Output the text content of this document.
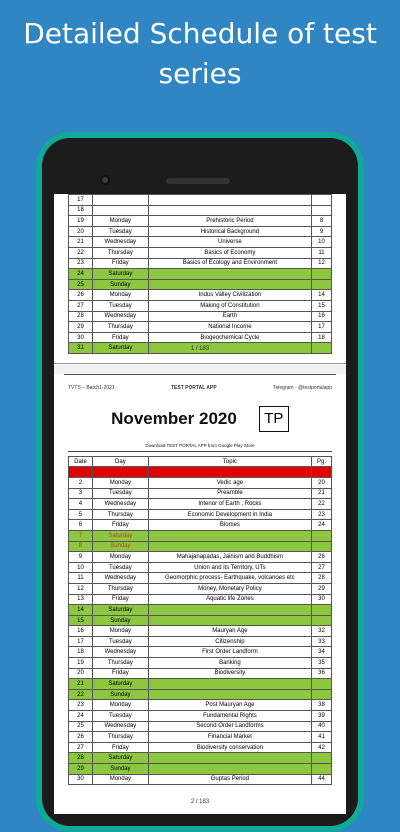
Detailed Schedule of test series
17			
18			
19	Monday	Prehistoric Period	8
20	Tuesday	Historical Background	9
21	Wednesday	Universe	10
22	Thursday	Basics of Economy	11
23	Friday	Basics of Ecology and Environment	12
24	Saturday		
25	Sunday		
26	Monday	Indus Valley Civilization	14
27	Tuesday	Making of Constitution	15
28	Wednesday	Earth	16
29	Thursday	National Income	17
30	Friday	Biogeochemical Cycle	18
31	Saturday			1 / 183
TVTS – Batch1-2021	TEST PORTAL APP	Telegram - @testportalapp
November 2020	TP
Download TEST PORTAL APP from Google Play Store
Date	Day	Topic	Pg.
1	Sunday		
2	Monday	Vedic age	20
3	Tuesday	Preamble	21
4	Wednesday	Interior of Earth , Rocks	22
5	Thursday	Economic Development in India	23
6	Friday	Biomes	24
7	Saturday		
8	Sunday		
9	Monday	Mahajanapadas, Jainism and Buddhism	26
10	Tuesday	Union and its Territory, UTs	27
11	Wednesday	Geomorphic process- Earthquake, volcanoes etc	28
12	Thursday	Money, Monetary Policy	29
13	Friday	Aquatic life Zones	30
14	Saturday		
15	Sunday		
16	Monday	Mauryan Age	32
17	Tuesday	Citizenship	33
18	Wednesday	First Order Landform	34
19	Thursday	Banking	35
20	Friday	Biodiversity	36
21	Saturday		
22	Sunday		
23	Monday	Post Mauryan Age	38
24	Tuesday	Fundamental Rights	39
25	Wednesday	Second Order Landforms	40
26	Thursday	Financial Market	41
27	Friday	Biodiversity conservation	42
28	Saturday		
29	Sunday		
30	Monday	Guptas Period	44
2 / 183
